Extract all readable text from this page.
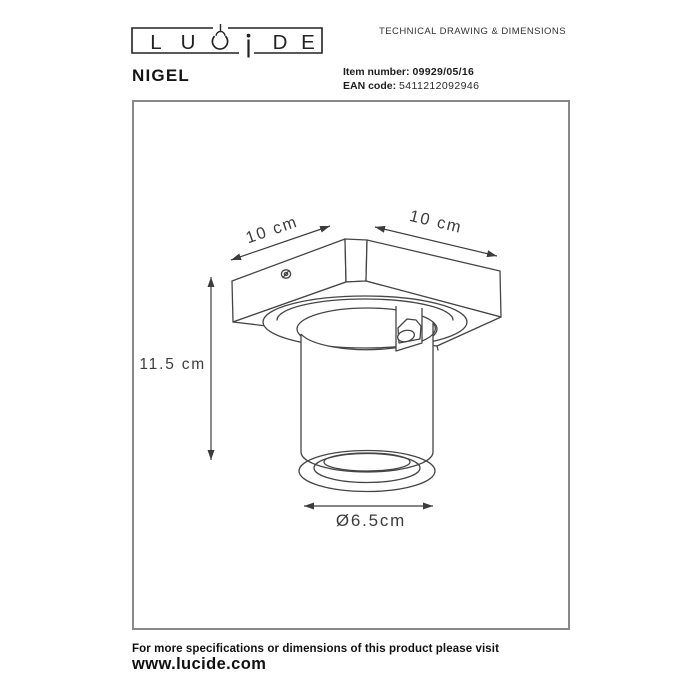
L U	D E	TECHNICAL DRAWING & DIMENSIONS
NIGEL	Item number: 09929/05/16
EAN code: 5411212092946
10 cm	10 cm
11.5 cm
Ø6.5cm
For more specifications or dimensions of this product please visit
www.lucide.com
